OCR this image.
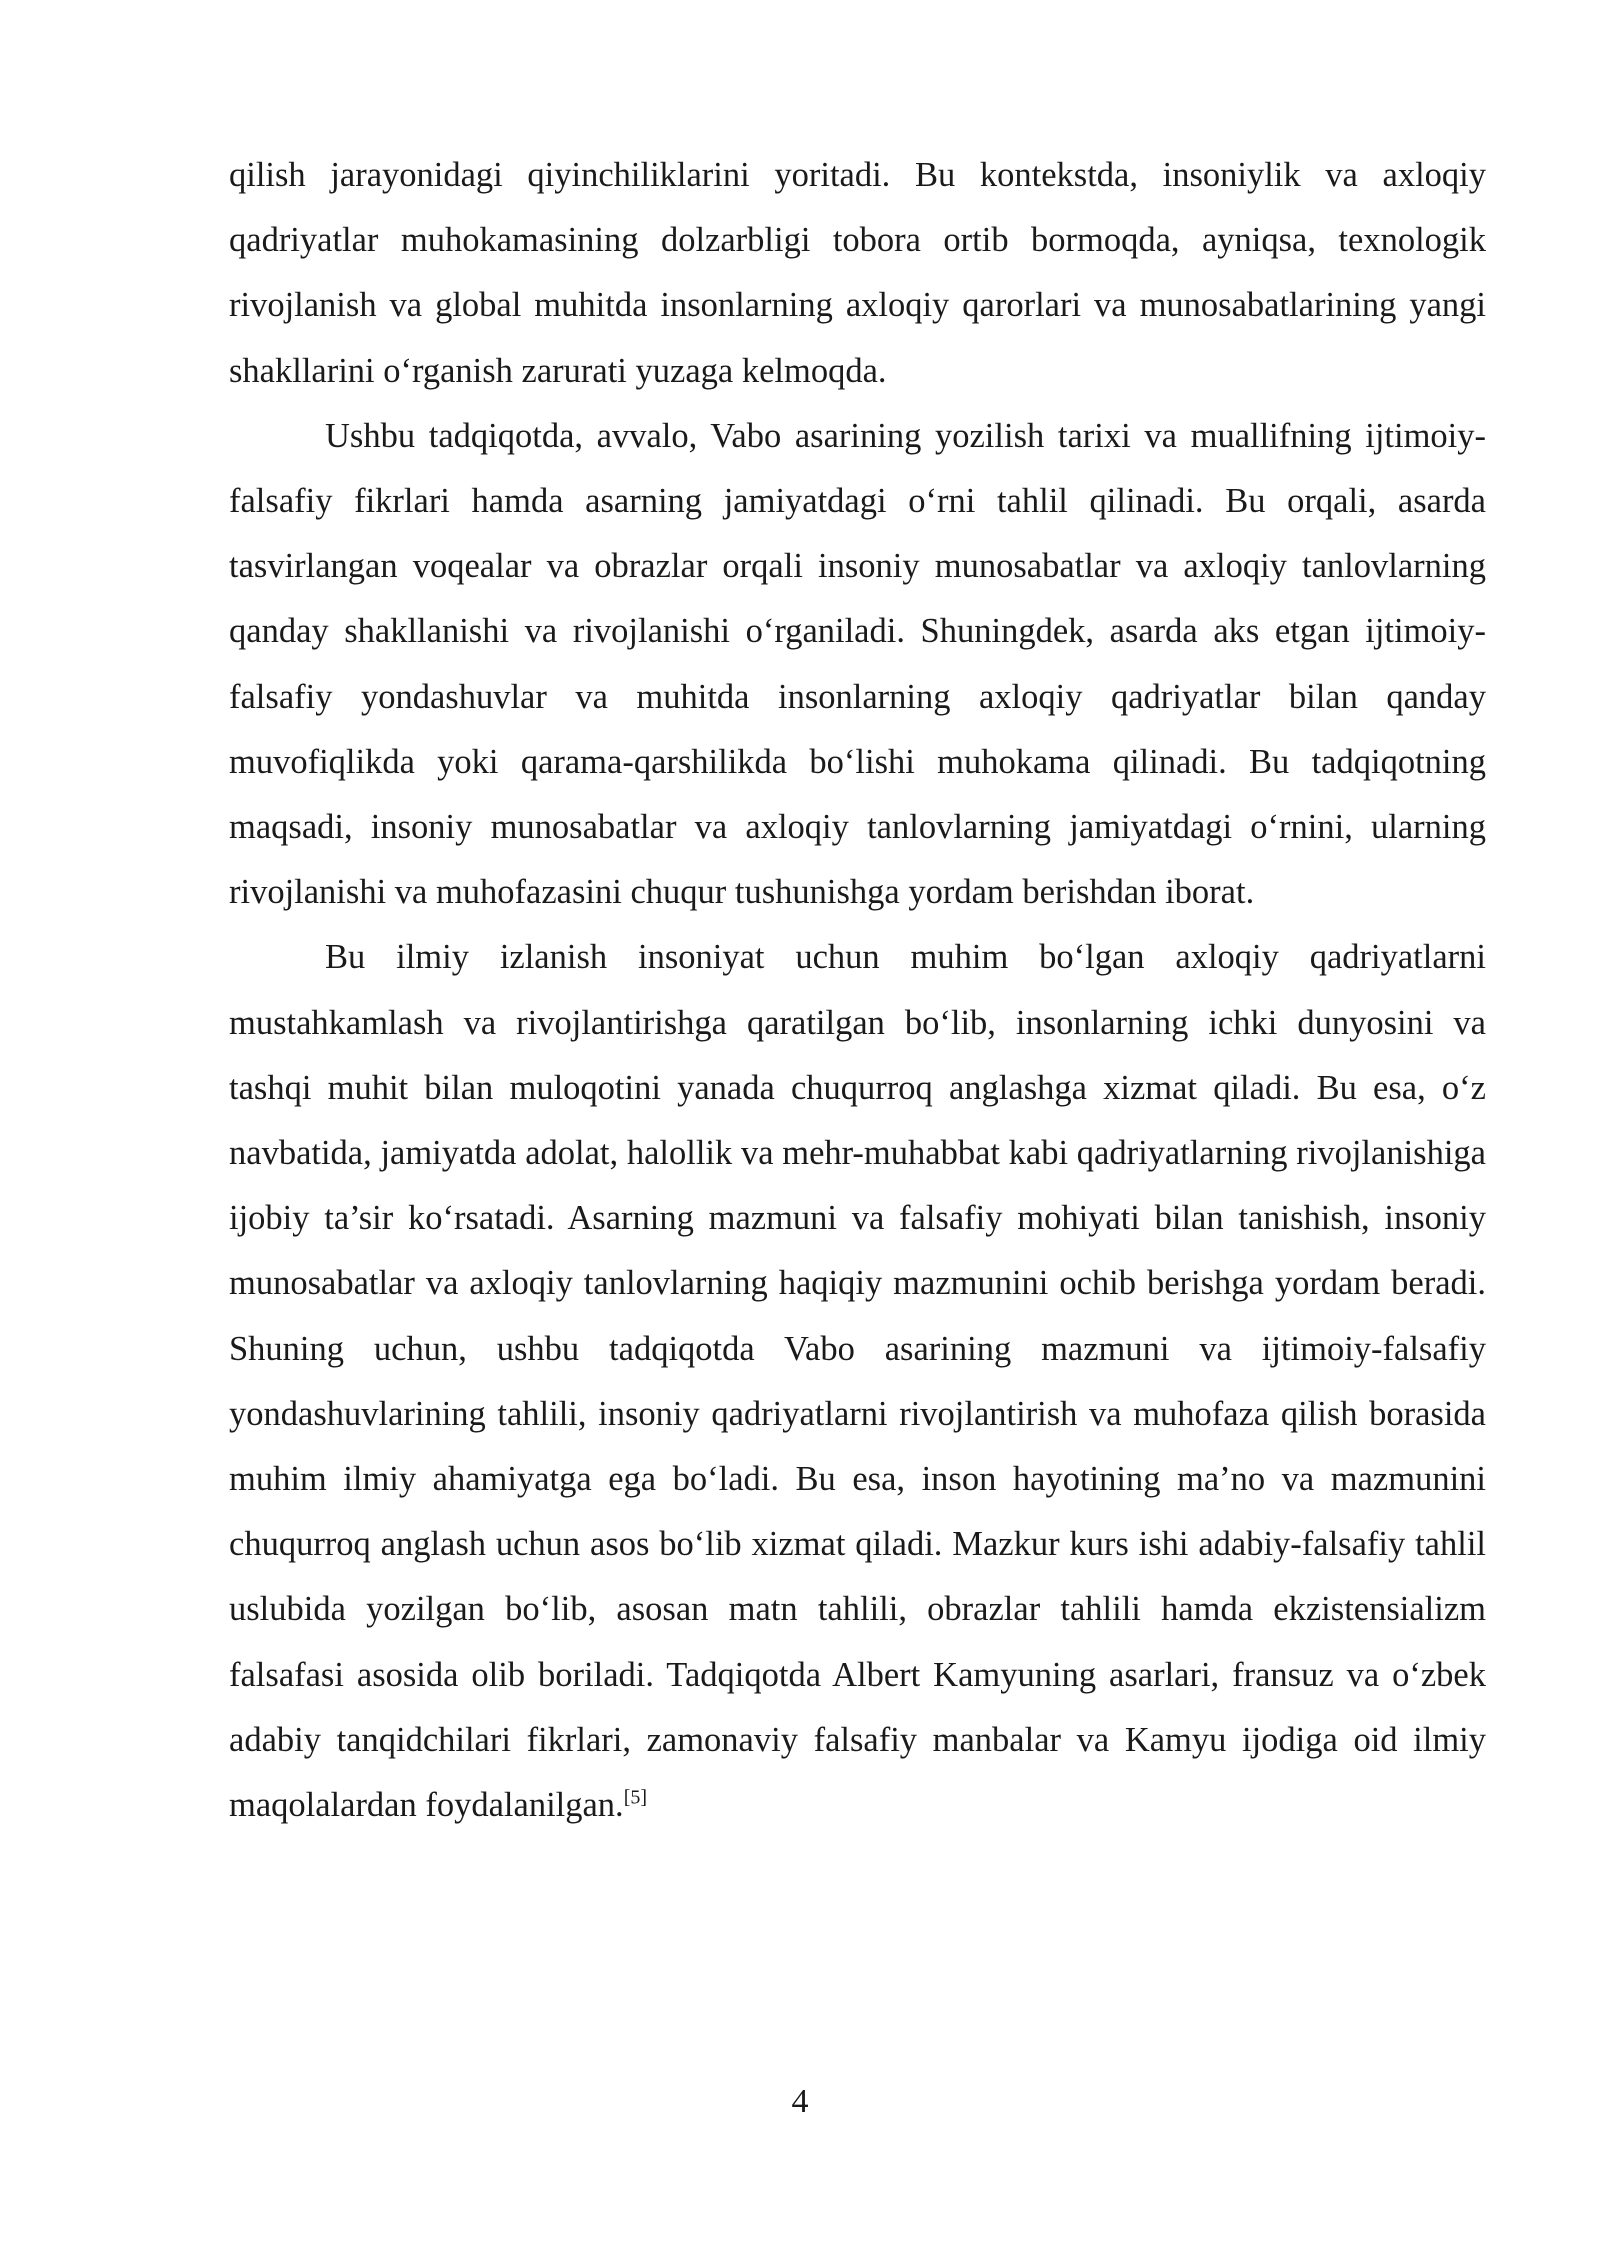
qilish jarayonidagi qiyinchiliklarini yoritadi. Bu kontekstda, insoniylik va axloqiy qadriyatlar muhokamasining dolzarbligi tobora ortib bormoqda, ayniqsa, texnologik rivojlanish va global muhitda insonlarning axloqiy qarorlari va munosabatlarining yangi shakllarini oʻrganish zarurati yuzaga kelmoqda.

Ushbu tadqiqotda, avvalo, Vabo asarining yozilish tarixi va muallifning ijtimoiy-falsafiy fikrlari hamda asarning jamiyatdagi oʻrni tahlil qilinadi. Bu orqali, asarda tasvirlangan voqealar va obrazlar orqali insoniy munosabatlar va axloqiy tanlovlarning qanday shakllanishi va rivojlanishi oʻrganiladi. Shuningdek, asarda aks etgan ijtimoiy-falsafiy yondashuvlar va muhitda insonlarning axloqiy qadriyatlar bilan qanday muvofiqlikda yoki qarama-qarshilikda boʻlishi muhokama qilinadi. Bu tadqiqotning maqsadi, insoniy munosabatlar va axloqiy tanlovlarning jamiyatdagi oʻrnini, ularning rivojlanishi va muhofazasini chuqur tushunishga yordam berishdan iborat.

Bu ilmiy izlanish insoniyat uchun muhim boʻlgan axloqiy qadriyatlarni mustahkamlash va rivojlantirishga qaratilgan boʻlib, insonlarning ichki dunyosini va tashqi muhit bilan muloqotini yanada chuqurroq anglashga xizmat qiladi. Bu esa, oʻz navbatida, jamiyatda adolat, halollik va mehr-muhabbat kabi qadriyatlarning rivojlanishiga ijobiy ta’sir koʻrsatadi. Asarning mazmuni va falsafiy mohiyati bilan tanishish, insoniy munosabatlar va axloqiy tanlovlarning haqiqiy mazmunini ochib berishga yordam beradi. Shuning uchun, ushbu tadqiqotda Vabo asarining mazmuni va ijtimoiy-falsafiy yondashuvlarining tahlili, insoniy qadriyatlarni rivojlantirish va muhofaza qilish borasida muhim ilmiy ahamiyatga ega boʻladi. Bu esa, inson hayotining ma’no va mazmunini chuqurroq anglash uchun asos boʻlib xizmat qiladi. Mazkur kurs ishi adabiy-falsafiy tahlil uslubida yozilgan boʻlib, asosan matn tahlili, obrazlar tahlili hamda ekzistensializm falsafasi asosida olib boriladi. Tadqiqotda Albert Kamyuning asarlari, fransuz va oʻzbek adabiy tanqidchilari fikrlari, zamonaviy falsafiy manbalar va Kamyu ijodiga oid ilmiy maqolalardan foydalanilgan.[5]

4
